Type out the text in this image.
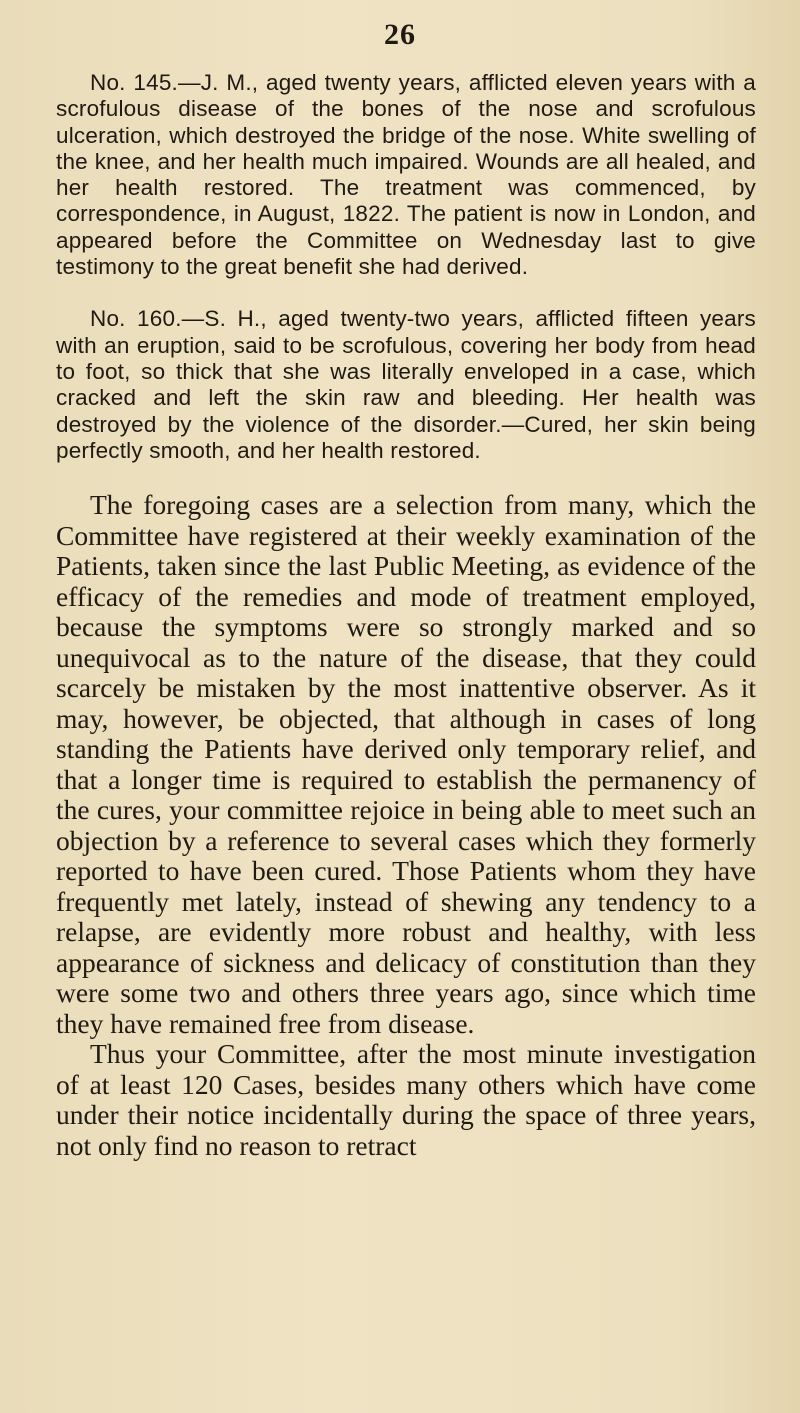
26

No. 145.—J. M., aged twenty years, afflicted eleven years with a scrofulous disease of the bones of the nose and scrofulous ulceration, which destroyed the bridge of the nose. White swelling of the knee, and her health much impaired. Wounds are all healed, and her health restored. The treatment was commenced, by correspondence, in August, 1822. The patient is now in London, and appeared before the Committee on Wednesday last to give testimony to the great benefit she had derived.

No. 160.—S. H., aged twenty-two years, afflicted fifteen years with an eruption, said to be scrofulous, covering her body from head to foot, so thick that she was literally enveloped in a case, which cracked and left the skin raw and bleeding. Her health was destroyed by the violence of the disorder.—Cured, her skin being perfectly smooth, and her health restored.

The foregoing cases are a selection from many, which the Committee have registered at their weekly examination of the Patients, taken since the last Public Meeting, as evidence of the efficacy of the remedies and mode of treatment employed, because the symptoms were so strongly marked and so unequivocal as to the nature of the disease, that they could scarcely be mistaken by the most inattentive observer. As it may, however, be objected, that although in cases of long standing the Patients have derived only temporary relief, and that a longer time is required to establish the permanency of the cures, your committee rejoice in being able to meet such an objection by a reference to several cases which they formerly reported to have been cured. Those Patients whom they have frequently met lately, instead of shewing any tendency to a relapse, are evidently more robust and healthy, with less appearance of sickness and delicacy of constitution than they were some two and others three years ago, since which time they have remained free from disease.

Thus your Committee, after the most minute investigation of at least 120 Cases, besides many others which have come under their notice incidentally during the space of three years, not only find no reason to retract
